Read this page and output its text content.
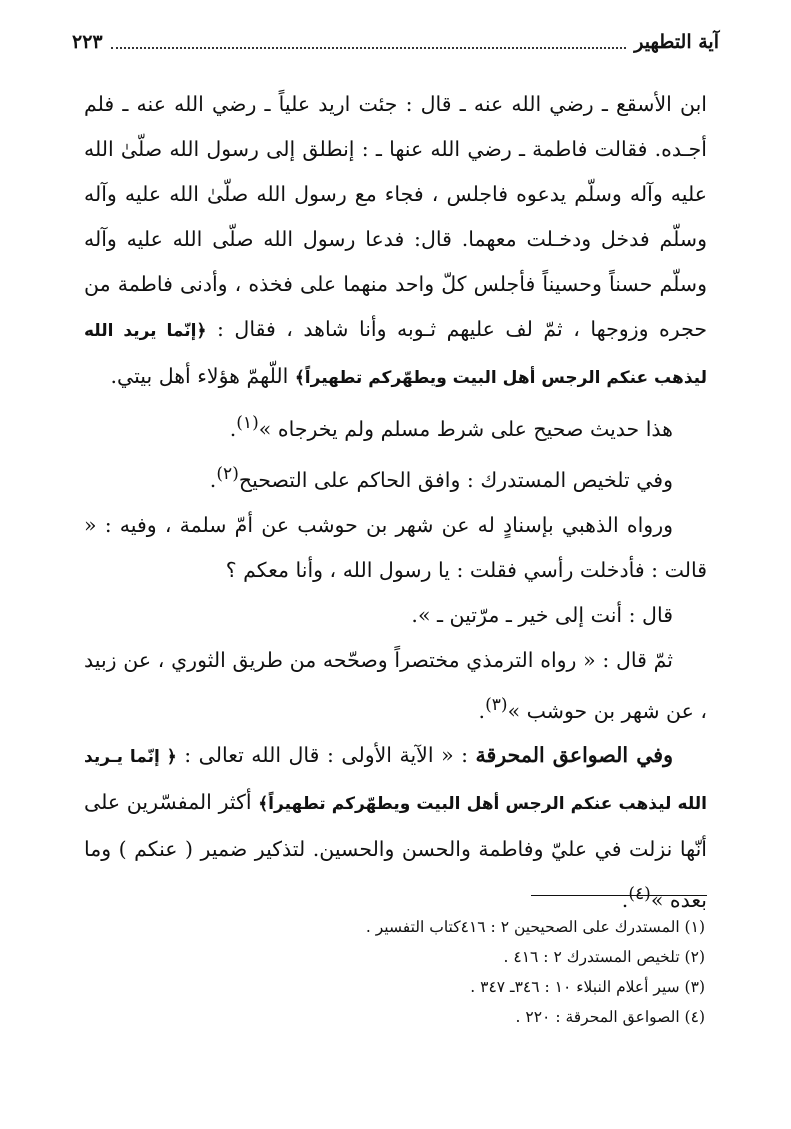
آية التطهير
٢٢٣

ابن الأسقع ـ رضي الله عنه ـ قال : جئت اريد علياً ـ رضي الله عنه ـ فلم أجـده. فقالت فاطمة ـ رضي الله عنها ـ : إنطلق إلى رسول الله صلّىٰ الله عليه وآله وسلّم يدعوه فاجلس ، فجاء مع رسول الله صلّىٰ الله عليه وآله وسلّم فدخل ودخـلت معهما. قال: فدعا رسول الله صلّى الله عليه وآله وسلّم حسناً وحسيناً فأجلس كلّ واحد منهما على فخذه ، وأدنى فاطمة من حجره وزوجها ، ثمّ لف عليهم ثـوبه وأنا شاهد ، فقال : ﴿إنّما يريد الله ليذهب عنكم الرجس أهل البيت ويطهّركم تطهيراً﴾ اللّهمّ هؤلاء أهل بيتي.

هذا حديث صحيح على شرط مسلم ولم يخرجاه »$^{(١)}$.

وفي تلخيص المستدرك : وافق الحاكم على التصحيح$^{(٢)}$.

ورواه الذهبي بإسنادٍ له عن شهر بن حوشب عن أمّ سلمة ، وفيه : « قالت : فأدخلت رأسي فقلت : يا رسول الله ، وأنا معكم ؟

قال : أنت إلى خير ـ مرّتين ـ ».

ثمّ قال : « رواه الترمذي مختصراً وصحّحه من طريق الثوري ، عن زبيد ، عن شهر بن حوشب »$^{(٣)}$.

وفي الصواعق المحرقة : « الآية الأولى : قال الله تعالى : ﴿ إنّما يـريد الله ليذهب عنكم الرجس أهل البيت ويطهّركم تطهيراً﴾ أكثر المفسّرين على أنّها نزلت في عليّ وفاطمة والحسن والحسين. لتذكير ضمير ( عنكم ) وما بعده »$^{(٤)}$.

(١) المستدرك على الصحيحين ٢ : ٤١٦كتاب التفسير .
(٢) تلخيص المستدرك ٢ : ٤١٦ .
(٣) سير أعلام النبلاء ١٠ : ٣٤٦ـ ٣٤٧ .
(٤) الصواعق المحرقة : ٢٢٠ .
